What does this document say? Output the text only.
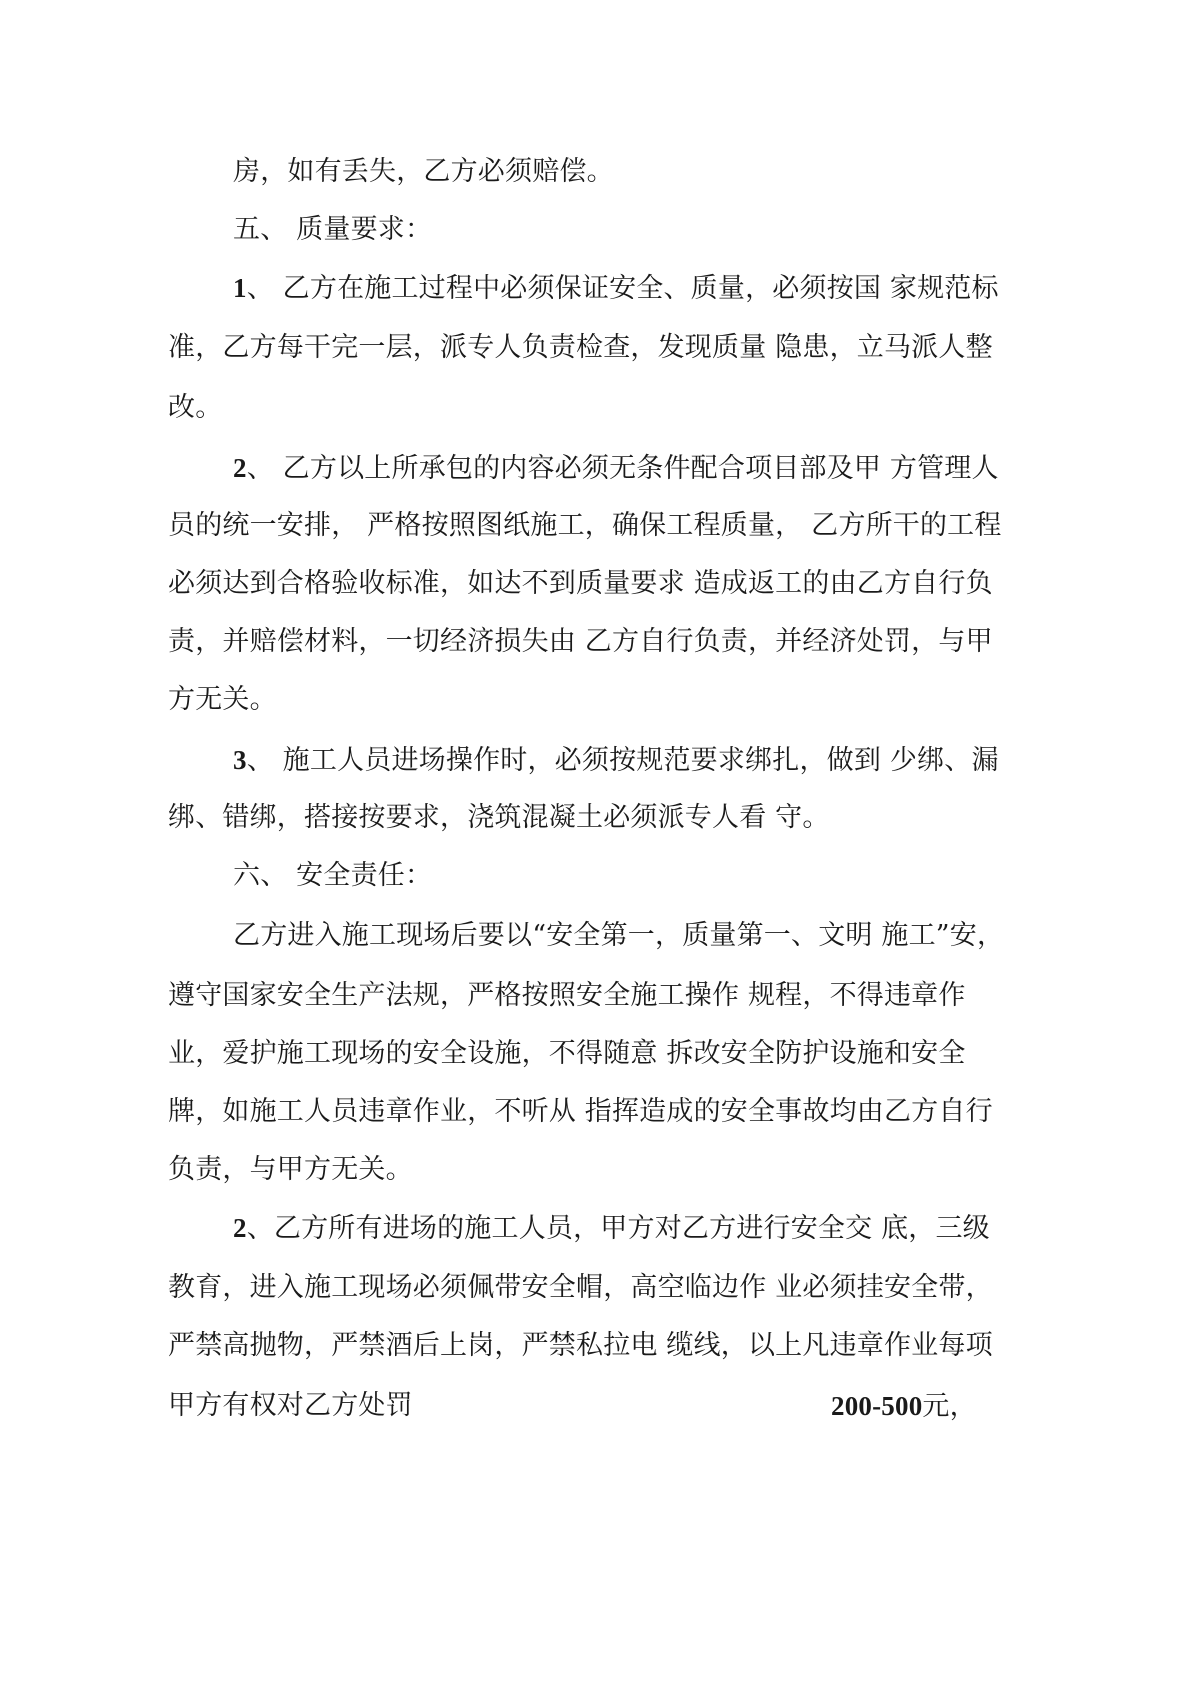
房，如有丢失，乙方必须赔偿。
五、 质量要求：
1、 乙方在施工过程中必须保证安全、质量，必须按国 家规范标
准，乙方每干完一层，派专人负责检查，发现质量 隐患，立马派人整
改。
2、 乙方以上所承包的内容必须无条件配合项目部及甲 方管理人
员的统一安排， 严格按照图纸施工，确保工程质量， 乙方所干的工程
必须达到合格验收标准，如达不到质量要求 造成返工的由乙方自行负
责，并赔偿材料，一切经济损失由 乙方自行负责，并经济处罚，与甲
方无关。
3、 施工人员进场操作时，必须按规范要求绑扎，做到 少绑、漏
绑、错绑，搭接按要求，浇筑混凝土必须派专人看 守。
六、 安全责任：
乙方进入施工现场后要以“安全第一，质量第一、文明 施工”安，
遵守国家安全生产法规，严格按照安全施工操作 规程，不得违章作
业，爱护施工现场的安全设施，不得随意 拆改安全防护设施和安全
牌，如施工人员违章作业，不听从 指挥造成的安全事故均由乙方自行
负责，与甲方无关。
2、乙方所有进场的施工人员，甲方对乙方进行安全交 底，三级
教育，进入施工现场必须佩带安全帽，高空临边作 业必须挂安全带，
严禁高抛物，严禁酒后上岗，严禁私拉电 缆线，以上凡违章作业每项
甲方有权对乙方处罚	200-500元，
